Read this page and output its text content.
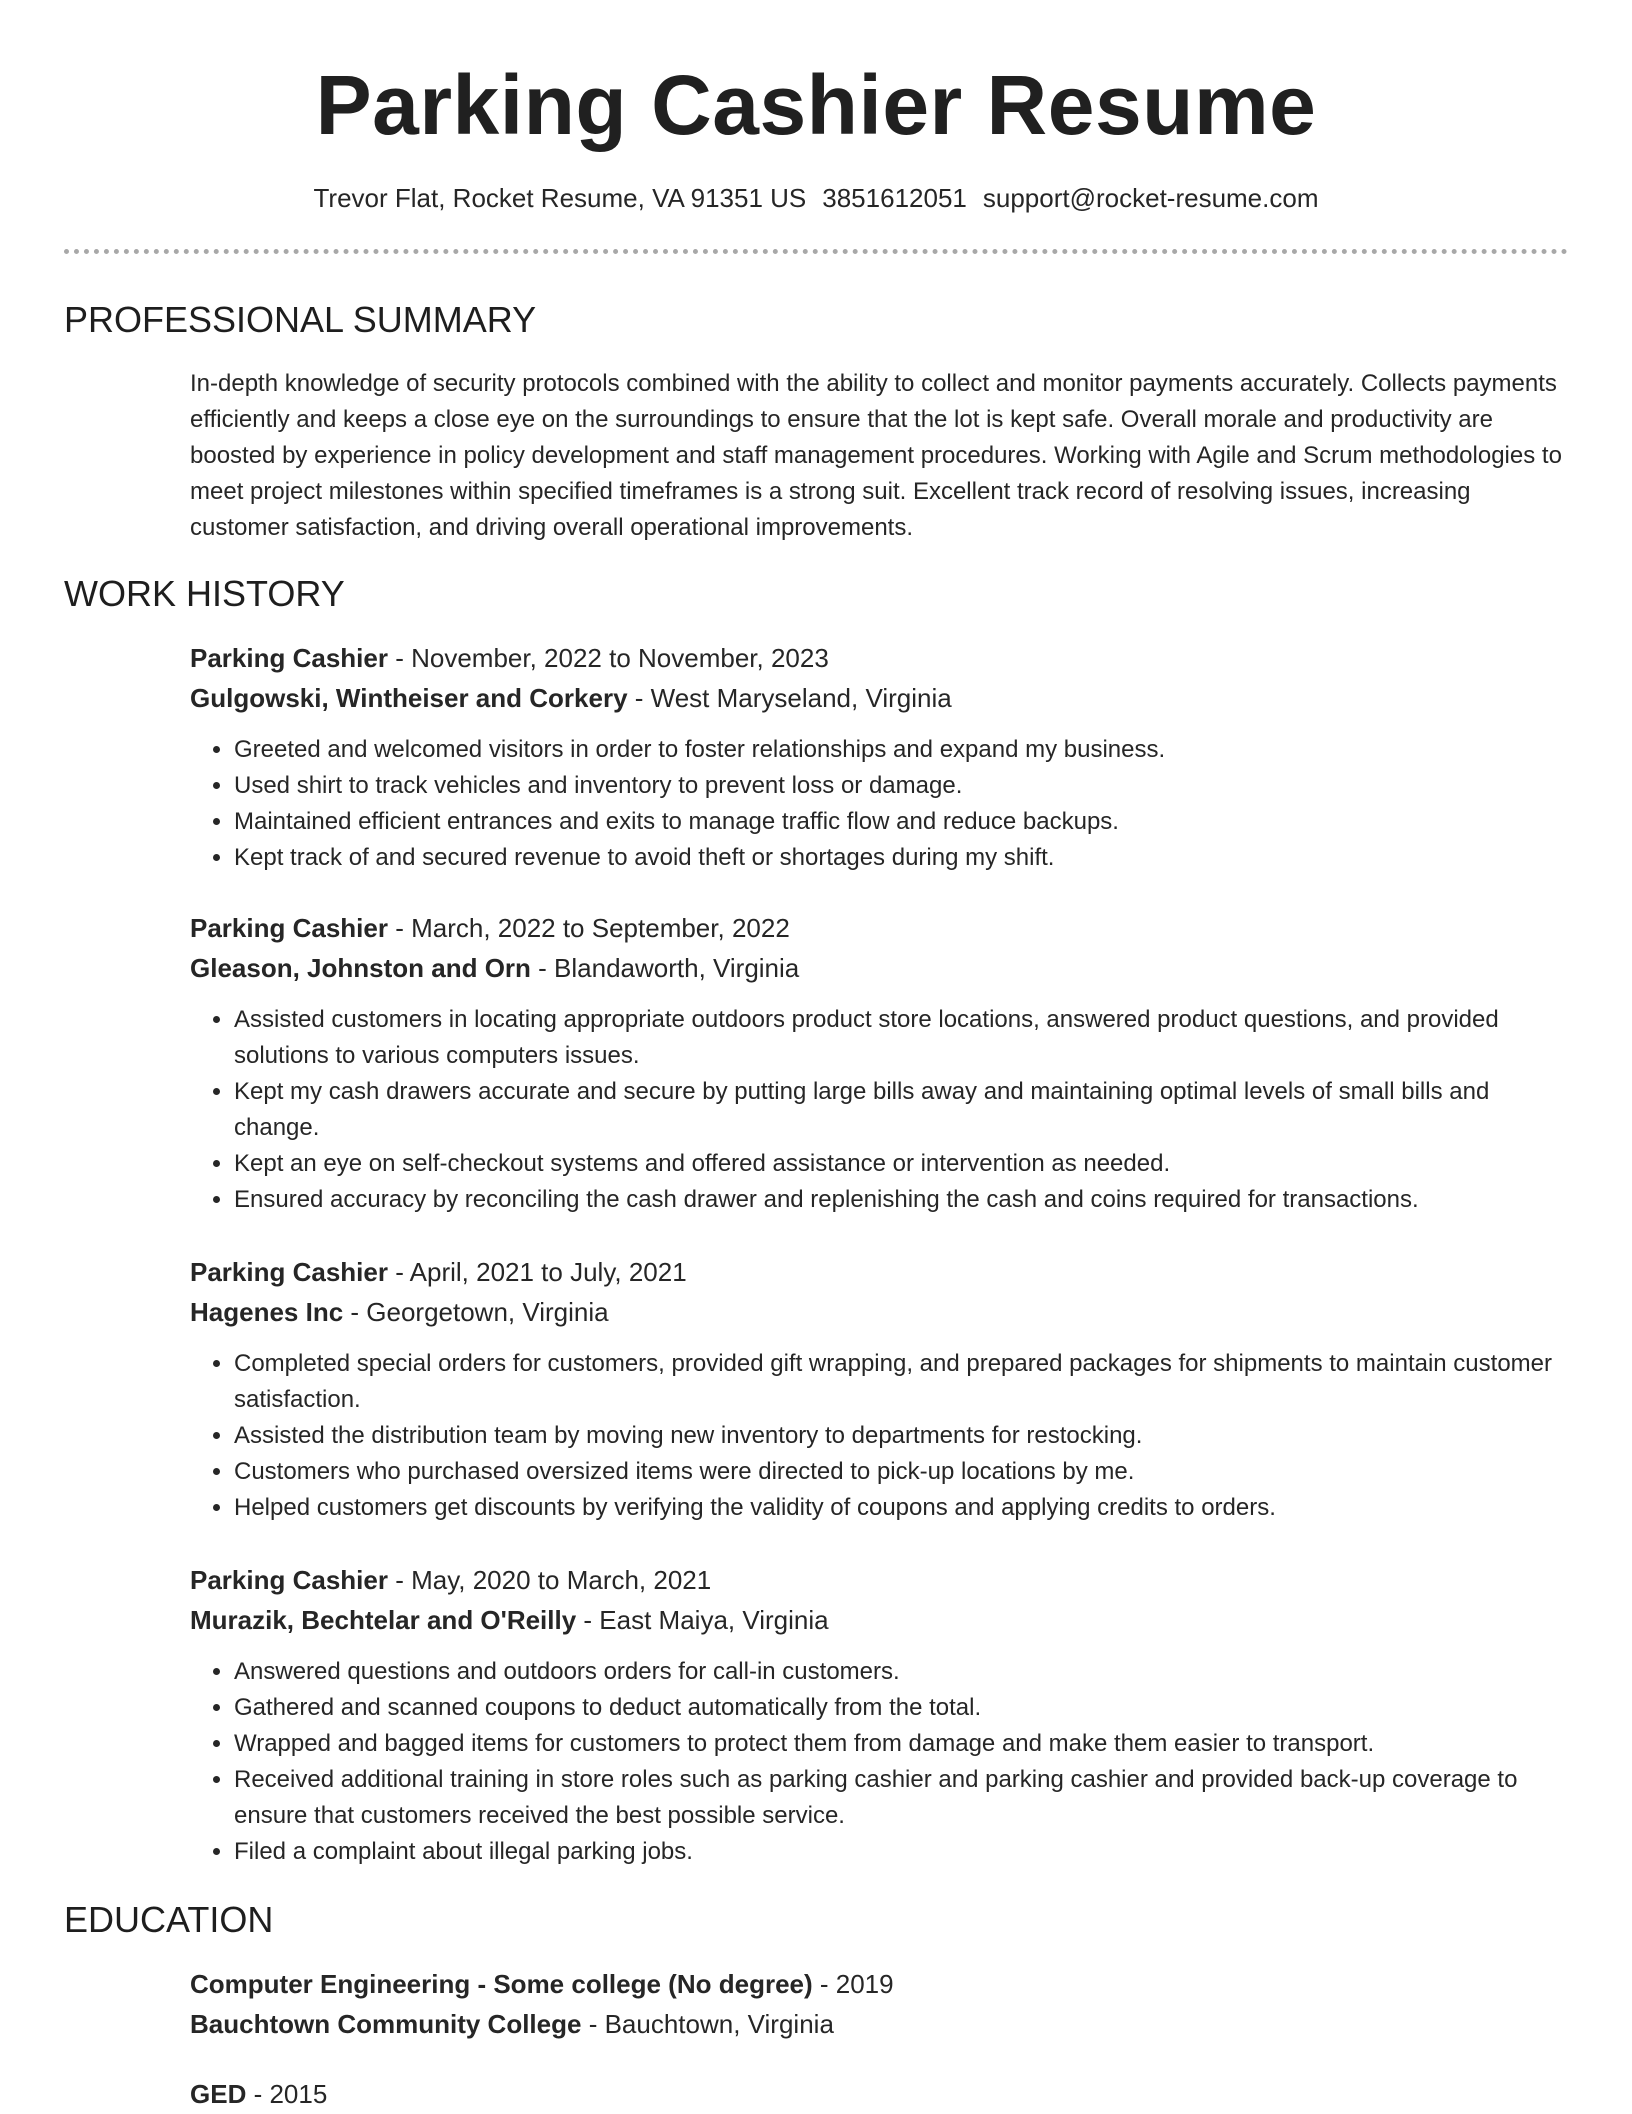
Parking Cashier Resume
Trevor Flat, Rocket Resume, VA 91351 US 3851612051 support@rocket-resume.com
PROFESSIONAL SUMMARY
In-depth knowledge of security protocols combined with the ability to collect and monitor payments accurately. Collects payments efficiently and keeps a close eye on the surroundings to ensure that the lot is kept safe. Overall morale and productivity are boosted by experience in policy development and staff management procedures. Working with Agile and Scrum methodologies to meet project milestones within specified timeframes is a strong suit. Excellent track record of resolving issues, increasing customer satisfaction, and driving overall operational improvements.
WORK HISTORY
Parking Cashier - November, 2022 to November, 2023
Gulgowski, Wintheiser and Corkery - West Maryseland, Virginia
• Greeted and welcomed visitors in order to foster relationships and expand my business.
• Used shirt to track vehicles and inventory to prevent loss or damage.
• Maintained efficient entrances and exits to manage traffic flow and reduce backups.
• Kept track of and secured revenue to avoid theft or shortages during my shift.
Parking Cashier - March, 2022 to September, 2022
Gleason, Johnston and Orn - Blandaworth, Virginia
• Assisted customers in locating appropriate outdoors product store locations, answered product questions, and provided solutions to various computers issues.
• Kept my cash drawers accurate and secure by putting large bills away and maintaining optimal levels of small bills and change.
• Kept an eye on self-checkout systems and offered assistance or intervention as needed.
• Ensured accuracy by reconciling the cash drawer and replenishing the cash and coins required for transactions.
Parking Cashier - April, 2021 to July, 2021
Hagenes Inc - Georgetown, Virginia
• Completed special orders for customers, provided gift wrapping, and prepared packages for shipments to maintain customer satisfaction.
• Assisted the distribution team by moving new inventory to departments for restocking.
• Customers who purchased oversized items were directed to pick-up locations by me.
• Helped customers get discounts by verifying the validity of coupons and applying credits to orders.
Parking Cashier - May, 2020 to March, 2021
Murazik, Bechtelar and O'Reilly - East Maiya, Virginia
• Answered questions and outdoors orders for call-in customers.
• Gathered and scanned coupons to deduct automatically from the total.
• Wrapped and bagged items for customers to protect them from damage and make them easier to transport.
• Received additional training in store roles such as parking cashier and parking cashier and provided back-up coverage to ensure that customers received the best possible service.
• Filed a complaint about illegal parking jobs.
EDUCATION
Computer Engineering - Some college (No degree) - 2019
Bauchtown Community College - Bauchtown, Virginia
GED - 2015
